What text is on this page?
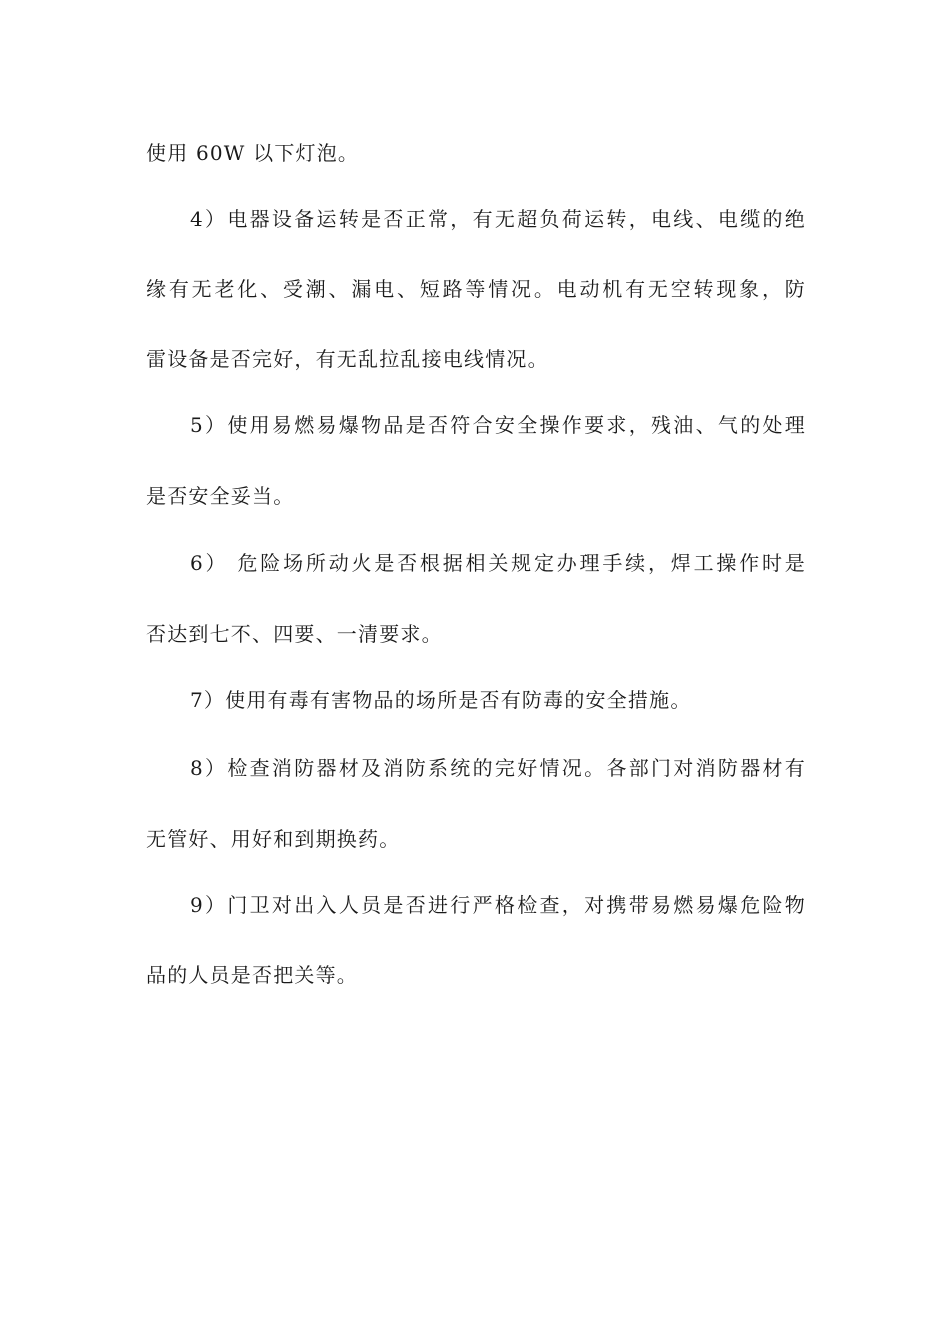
使用 60W 以下灯泡。
4）电器设备运转是否正常，有无超负荷运转，电线、电缆的绝
缘有无老化、受潮、漏电、短路等情况。电动机有无空转现象，防
雷设备是否完好，有无乱拉乱接电线情况。
5）使用易燃易爆物品是否符合安全操作要求，残油、气的处理
是否安全妥当。
6） 危险场所动火是否根据相关规定办理手续，焊工操作时是
否达到七不、四要、一清要求。
7）使用有毒有害物品的场所是否有防毒的安全措施。
8）检查消防器材及消防系统的完好情况。各部门对消防器材有
无管好、用好和到期换药。
9）门卫对出入人员是否进行严格检查，对携带易燃易爆危险物
品的人员是否把关等。
